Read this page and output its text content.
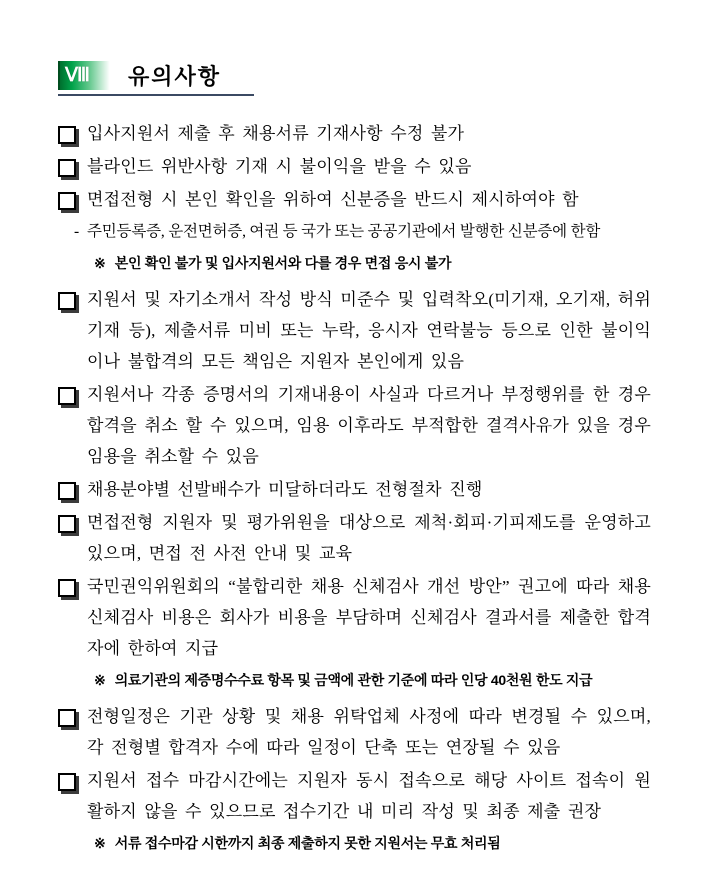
Ⅷ 유의사항
입사지원서 제출 후 채용서류 기재사항 수정 불가
블라인드 위반사항 기재 시 불이익을 받을 수 있음
면접전형 시 본인 확인을 위하여 신분증을 반드시 제시하여야 함
- 주민등록증, 운전면허증, 여권 등 국가 또는 공공기관에서 발행한 신분증에 한함
※ 본인 확인 불가 및 입사지원서와 다를 경우 면접 응시 불가
지원서 및 자기소개서 작성 방식 미준수 및 입력착오(미기재, 오기재, 허위기재 등), 제출서류 미비 또는 누락, 응시자 연락불능 등으로 인한 불이익이나 불합격의 모든 책임은 지원자 본인에게 있음
지원서나 각종 증명서의 기재내용이 사실과 다르거나 부정행위를 한 경우 합격을 취소 할 수 있으며, 임용 이후라도 부적합한 결격사유가 있을 경우 임용을 취소할 수 있음
채용분야별 선발배수가 미달하더라도 전형절차 진행
면접전형 지원자 및 평가위원을 대상으로 제척·회피·기피제도를 운영하고 있으며, 면접 전 사전 안내 및 교육
국민권익위원회의 “불합리한 채용 신체검사 개선 방안” 권고에 따라 채용 신체검사 비용은 회사가 비용을 부담하며 신체검사 결과서를 제출한 합격자에 한하여 지급
※ 의료기관의 제증명수수료 항목 및 금액에 관한 기준에 따라 인당 40천원 한도 지급
전형일정은 기관 상황 및 채용 위탁업체 사정에 따라 변경될 수 있으며, 각 전형별 합격자 수에 따라 일정이 단축 또는 연장될 수 있음
지원서 접수 마감시간에는 지원자 동시 접속으로 해당 사이트 접속이 원활하지 않을 수 있으므로 접수기간 내 미리 작성 및 최종 제출 권장
※ 서류 접수마감 시한까지 최종 제출하지 못한 지원서는 무효 처리됨
